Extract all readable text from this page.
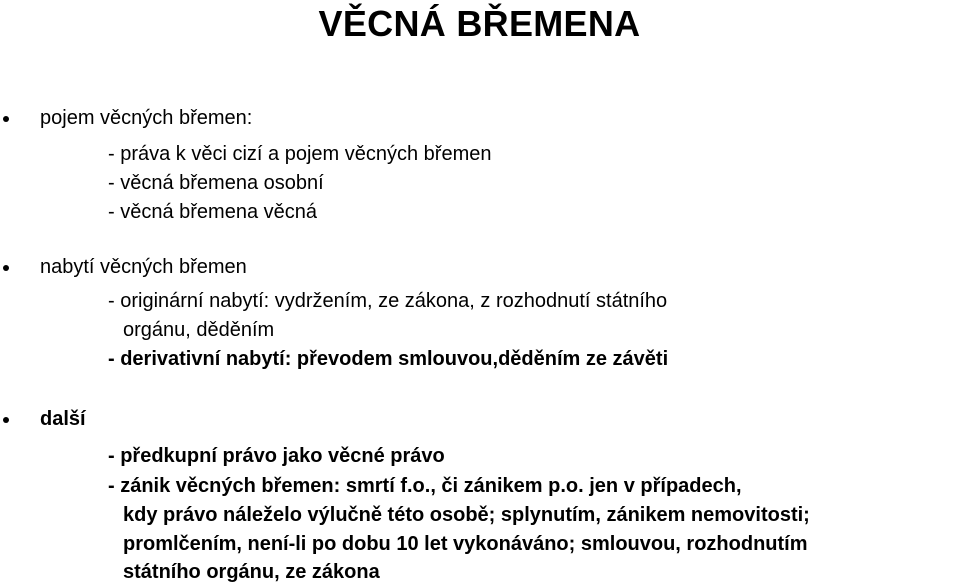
VĚCNÁ BŘEMENA
pojem věcných břemen:
- práva k věci cizí a pojem věcných břemen
- věcná břemena osobní
- věcná břemena věcná
nabytí věcných břemen
- originární nabytí: vydržením, ze zákona, z rozhodnutí státního
orgánu, děděním
- derivativní nabytí: převodem smlouvou,děděním ze závěti
další
- předkupní právo jako věcné právo
- zánik věcných břemen: smrtí f.o., či zánikem p.o. jen v případech,
kdy právo náleželo výlučně této osobě; splynutím, zánikem nemovitosti;
promlčením, není-li po dobu 10 let vykonáváno; smlouvou, rozhodnutím
státního orgánu, ze zákona
